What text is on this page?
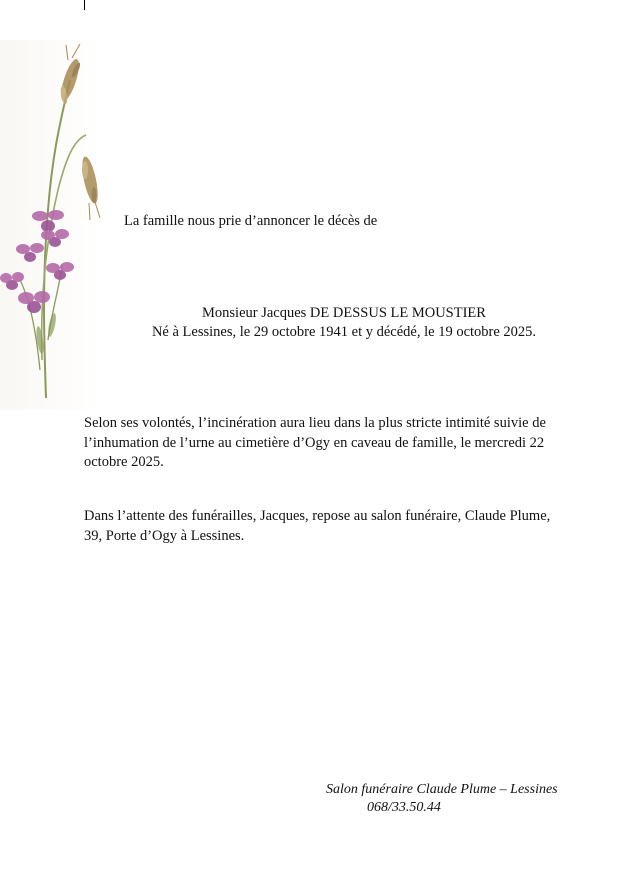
La famille nous prie d’annoncer le décès de
Monsieur Jacques DE DESSUS LE MOUSTIER
Né à Lessines, le 29 octobre 1941 et y décédé, le 19 octobre 2025.
Selon ses volontés, l’incinération aura lieu dans la plus stricte intimité suivie de
l’inhumation de l’urne au cimetière d’Ogy en caveau de famille, le mercredi 22
octobre 2025.
Dans l’attente des funérailles, Jacques, repose au salon funéraire, Claude Plume,
39, Porte d’Ogy à Lessines.
Salon funéraire Claude Plume – Lessines
068/33.50.44
